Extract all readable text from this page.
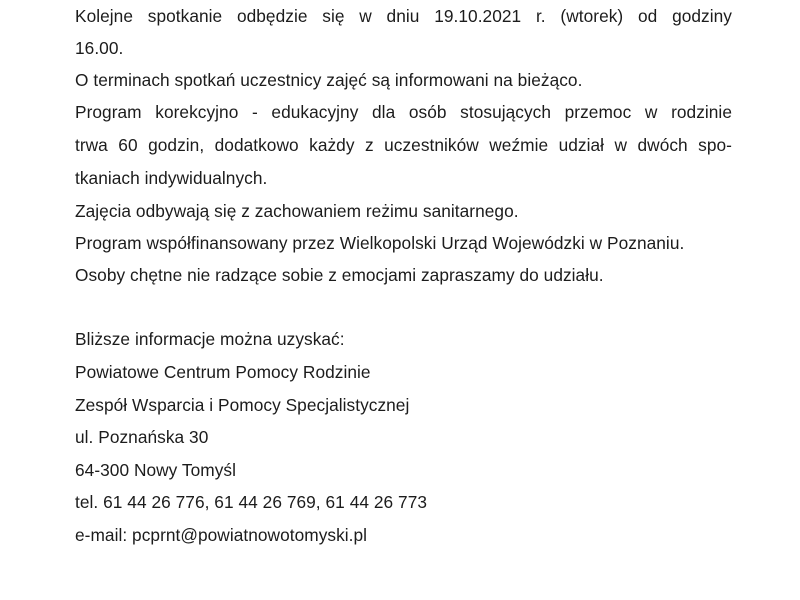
Kolejne spotkanie odbędzie się w dniu 19.10.2021 r. (wtorek) od godziny
16.00.
O terminach spotkań uczestnicy zajęć są informowani na bieżąco.
Program korekcyjno - edukacyjny dla osób stosujących przemoc w rodzinie
trwa 60 godzin, dodatkowo każdy z uczestników weźmie udział w dwóch spo-
tkaniach indywidualnych.
Zajęcia odbywają się z zachowaniem reżimu sanitarnego.
Program współfinansowany przez Wielkopolski Urząd Wojewódzki w Poznaniu.
Osoby chętne nie radzące sobie z emocjami zapraszamy do udziału.
Bliższe informacje można uzyskać:
Powiatowe Centrum Pomocy Rodzinie
Zespół Wsparcia i Pomocy Specjalistycznej
ul. Poznańska 30
64-300 Nowy Tomyśl
tel. 61 44 26 776, 61 44 26 769, 61 44 26 773
e-mail: pcprnt@powiatnowotomyski.pl
